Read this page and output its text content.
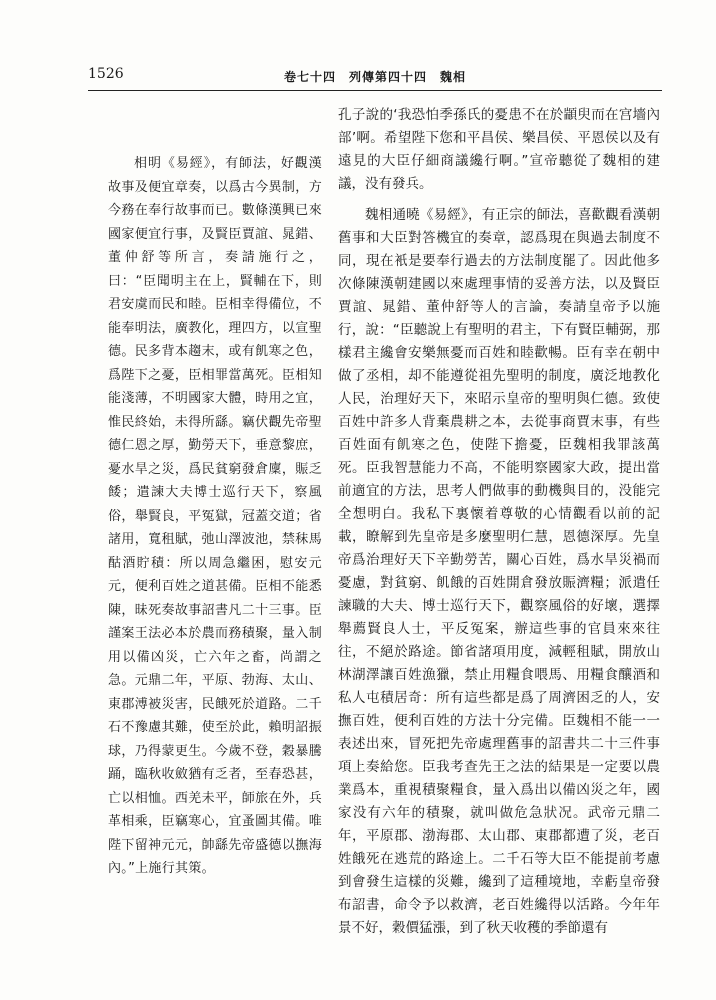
1526	卷七十四　列傳第四十四　魏相

相明《易經》，有師法，好觀漢故事及便宜章奏，以爲古今異制，方今務在奉行故事而已。數條漢興已來國家便宜行事，及賢臣賈誼、晁錯、董仲舒等所言，奏請施行之，曰：“臣聞明主在上，賢輔在下，則君安虞而民和睦。臣相幸得備位，不能奉明法，廣教化，理四方，以宣聖德。民多背本趨末，或有飢寒之色，爲陛下之憂，臣相罪當萬死。臣相知能淺薄，不明國家大體，時用之宜，惟民終始，未得所繇。竊伏觀先帝聖德仁恩之厚，勤勞天下，垂意黎庶，憂水旱之災，爲民貧窮發倉廩，賑乏餧；遣諫大夫博士巡行天下，察風俗，舉賢良，平冤獄，冠蓋交道；省諸用，寬租賦，弛山澤波池，禁秣馬酤酒貯積：所以周急繼困，慰安元元，便利百姓之道甚備。臣相不能悉陳，昧死奏故事詔書凡二十三事。臣謹案王法必本於農而務積聚，量入制用以備凶災，亡六年之畜，尚謂之急。元鼎二年，平原、勃海、太山、東郡溥被災害，民餓死於道路。二千石不豫慮其難，使至於此，賴明詔振球，乃得蒙更生。今歲不登，穀暴騰踊，臨秋收斂猶有乏者，至春恐甚，亡以相恤。西羌未平，師旅在外，兵革相乘，臣竊寒心，宜蚤圖其備。唯陛下留神元元，帥繇先帝盛德以撫海內。”上施行其策。

孔子說的‘我恐怕季孫氏的憂患不在於顓臾而在宫墻內部’啊。希望陛下您和平昌侯、樂昌侯、平恩侯以及有遠見的大臣仔細商議纔行啊。”宣帝聽從了魏相的建議，没有發兵。

魏相通曉《易經》，有正宗的師法，喜歡觀看漢朝舊事和大臣對答機宜的奏章，認爲現在與過去制度不同，現在衹是要奉行過去的方法制度罷了。因此他多次條陳漢朝建國以來處理事情的妥善方法，以及賢臣賈誼、晁錯、董仲舒等人的言論，奏請皇帝予以施行，說：“臣聽說上有聖明的君主，下有賢臣輔弼，那樣君主纔會安樂無憂而百姓和睦歡暢。臣有幸在朝中做了丞相，却不能遵從祖先聖明的制度，廣泛地教化人民，治理好天下，來昭示皇帝的聖明與仁德。致使百姓中許多人背棄農耕之本，去從事商賈末事，有些百姓面有飢寒之色，使陛下擔憂，臣魏相我罪該萬死。臣我智慧能力不高，不能明察國家大政，提出當前適宜的方法，思考人們做事的動機與目的，没能完全想明白。我私下裏懷着尊敬的心情觀看以前的記載，瞭解到先皇帝是多麼聖明仁慧，恩德深厚。先皇帝爲治理好天下辛勤勞苦，關心百姓，爲水旱災禍而憂慮，對貧窮、飢餓的百姓開倉發放賑濟糧；派遣任諫職的大夫、博士巡行天下，觀察風俗的好壞，選擇舉薦賢良人士，平反冤案，辦這些事的官員來來往往，不絕於路途。節省諸項用度，減輕租賦，開放山林湖澤讓百姓漁獵，禁止用糧食喂馬、用糧食釀酒和私人屯積居奇：所有這些都是爲了周濟困乏的人，安撫百姓，便利百姓的方法十分完備。臣魏相不能一一表述出來，冒死把先帝處理舊事的詔書共二十三件事項上奏給您。臣我考查先王之法的結果是一定要以農業爲本，重視積聚糧食，量入爲出以備凶災之年，國家没有六年的積聚，就叫做危急狀况。武帝元鼎二年，平原郡、渤海郡、太山郡、東郡都遭了災，老百姓餓死在逃荒的路途上。二千石等大臣不能提前考慮到會發生這樣的災難，纔到了這種境地，幸虧皇帝發布詔書，命令予以救濟，老百姓纔得以活路。今年年景不好，穀價猛漲，到了秋天收穫的季節還有
